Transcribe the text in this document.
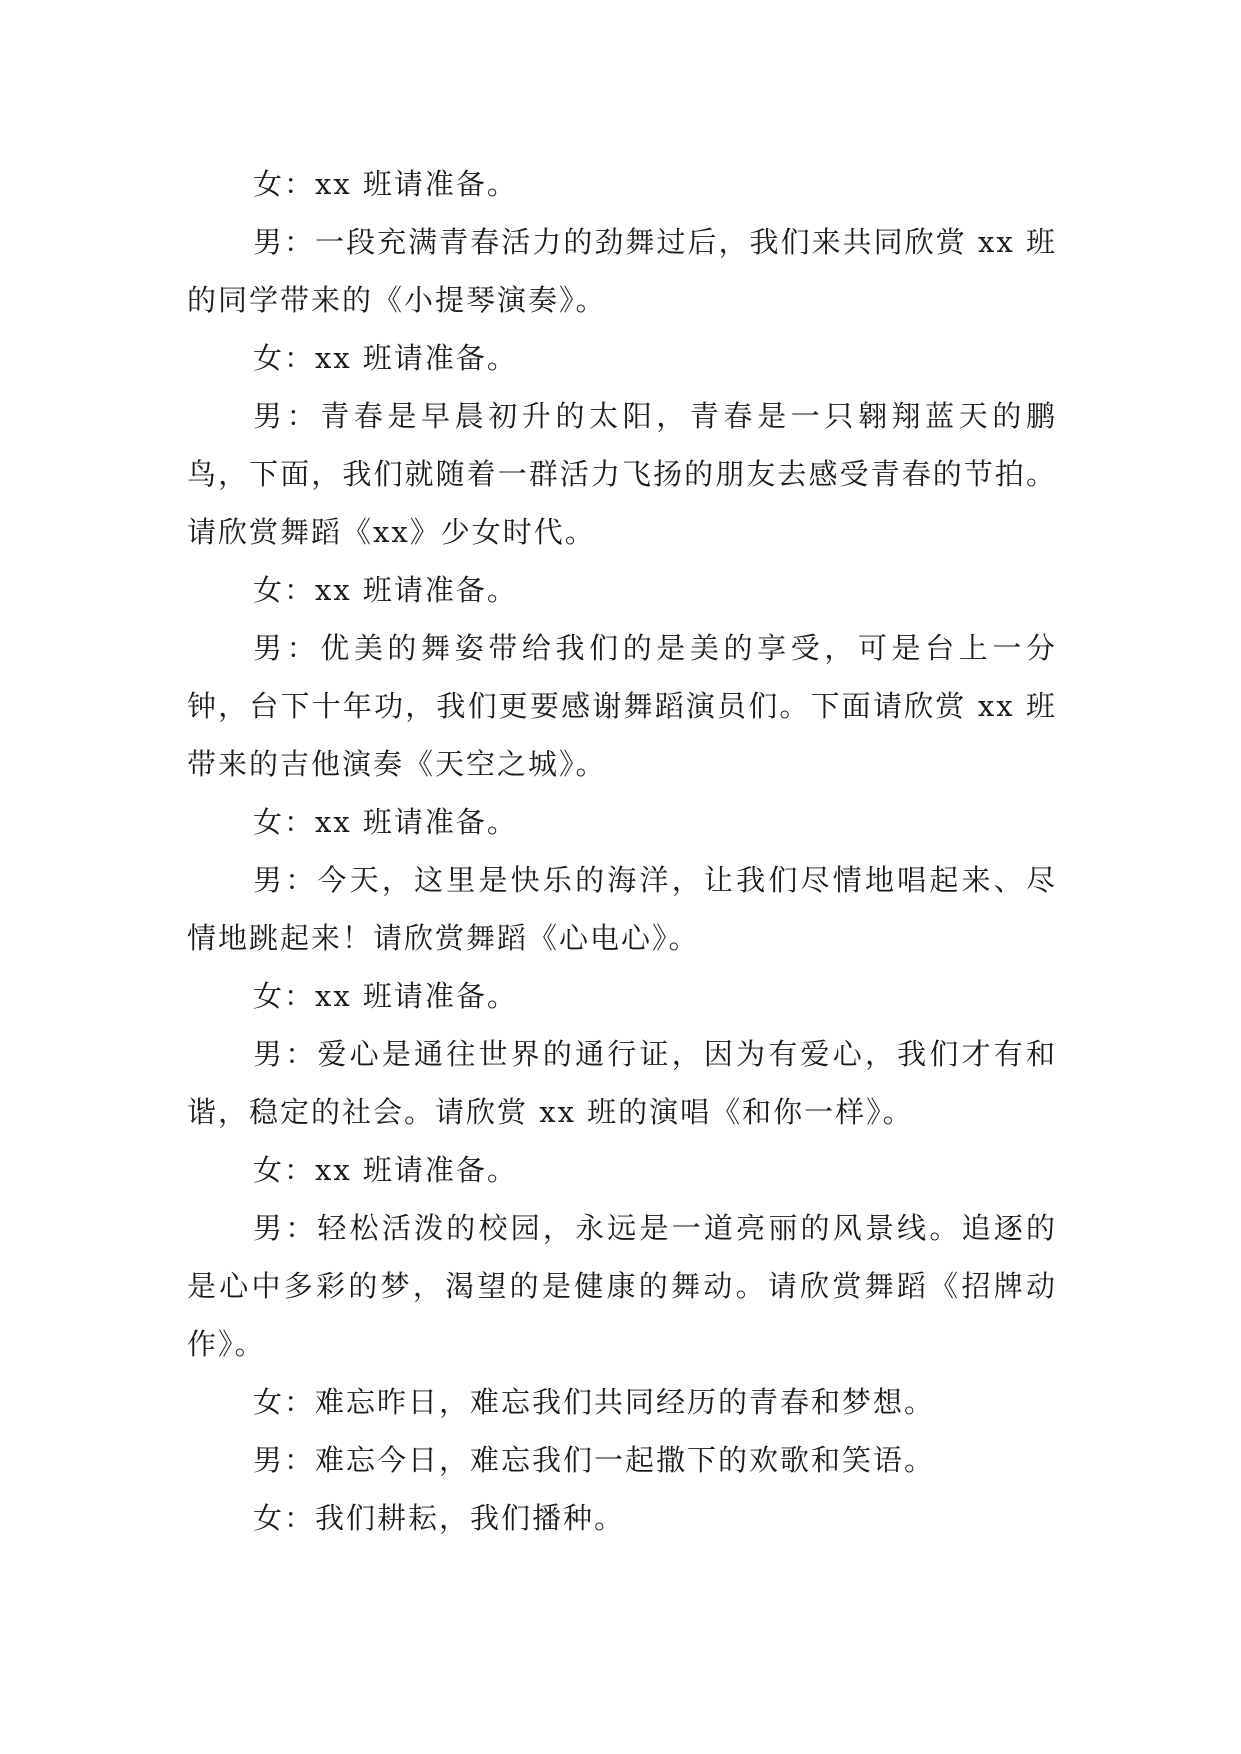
女：xx 班请准备。

男：一段充满青春活力的劲舞过后，我们来共同欣赏 xx 班的同学带来的《小提琴演奏》。

女：xx 班请准备。

男：青春是早晨初升的太阳，青春是一只翱翔蓝天的鹏鸟，下面，我们就随着一群活力飞扬的朋友去感受青春的节拍。请欣赏舞蹈《xx》少女时代。

女：xx 班请准备。

男：优美的舞姿带给我们的是美的享受，可是台上一分钟，台下十年功，我们更要感谢舞蹈演员们。下面请欣赏 xx 班带来的吉他演奏《天空之城》。

女：xx 班请准备。

男：今天，这里是快乐的海洋，让我们尽情地唱起来、尽情地跳起来！请欣赏舞蹈《心电心》。

女：xx 班请准备。

男：爱心是通往世界的通行证，因为有爱心，我们才有和谐，稳定的社会。请欣赏 xx 班的演唱《和你一样》。

女：xx 班请准备。

男：轻松活泼的校园，永远是一道亮丽的风景线。追逐的是心中多彩的梦，渴望的是健康的舞动。请欣赏舞蹈《招牌动作》。

女：难忘昨日，难忘我们共同经历的青春和梦想。

男：难忘今日，难忘我们一起撒下的欢歌和笑语。

女：我们耕耘，我们播种。
